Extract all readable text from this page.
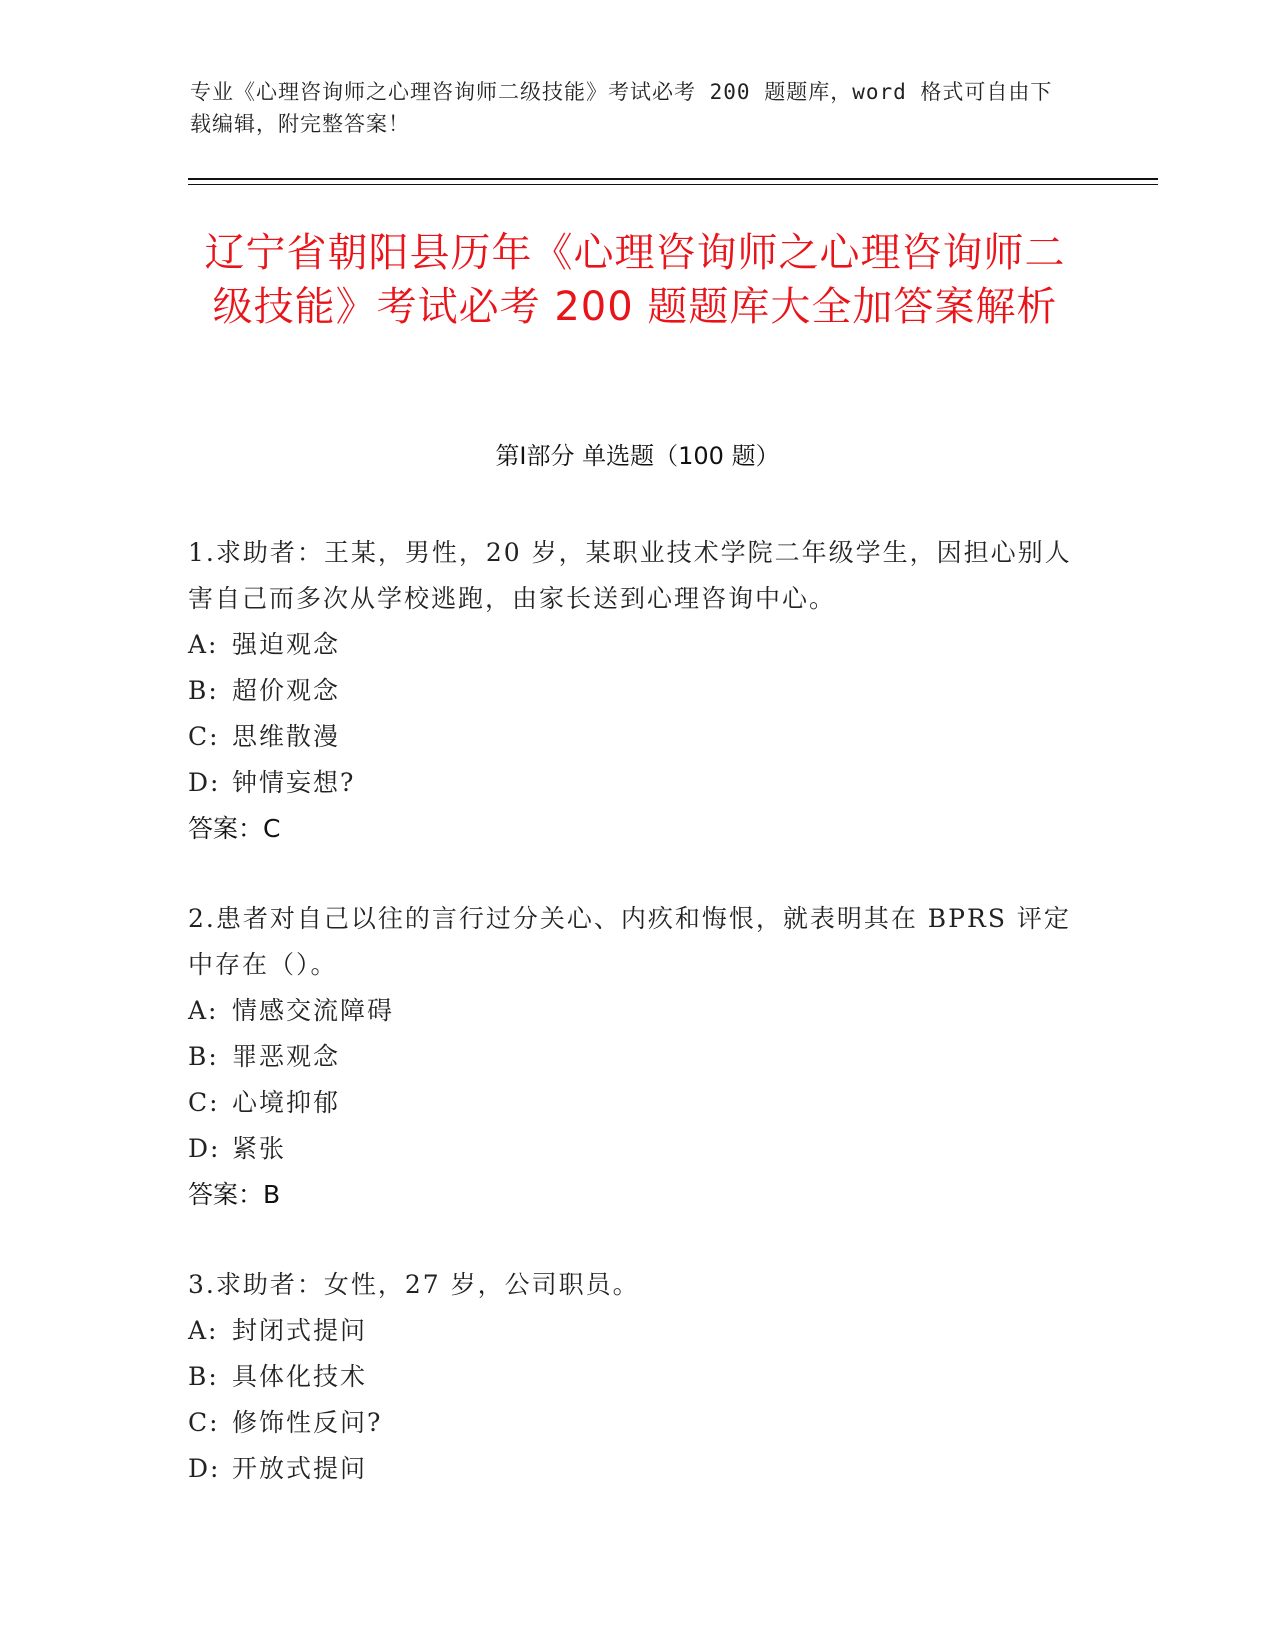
专业《心理咨询师之心理咨询师二级技能》考试必考 200 题题库，word 格式可自由下载编辑，附完整答案！
辽宁省朝阳县历年《心理咨询师之心理咨询师二级技能》考试必考 200 题题库大全加答案解析
第Ⅰ部分 单选题（100 题）
1.求助者：王某，男性，20 岁，某职业技术学院二年级学生，因担心别人害自己而多次从学校逃跑，由家长送到心理咨询中心。
A: 强迫观念
B: 超价观念
C: 思维散漫
D: 钟情妄想?
答案：C
2.患者对自己以往的言行过分关心、内疚和悔恨，就表明其在 BPRS 评定中存在（）。
A: 情感交流障碍
B: 罪恶观念
C: 心境抑郁
D: 紧张
答案：B
3.求助者：女性，27 岁，公司职员。
A: 封闭式提问
B: 具体化技术
C: 修饰性反问?
D: 开放式提问
